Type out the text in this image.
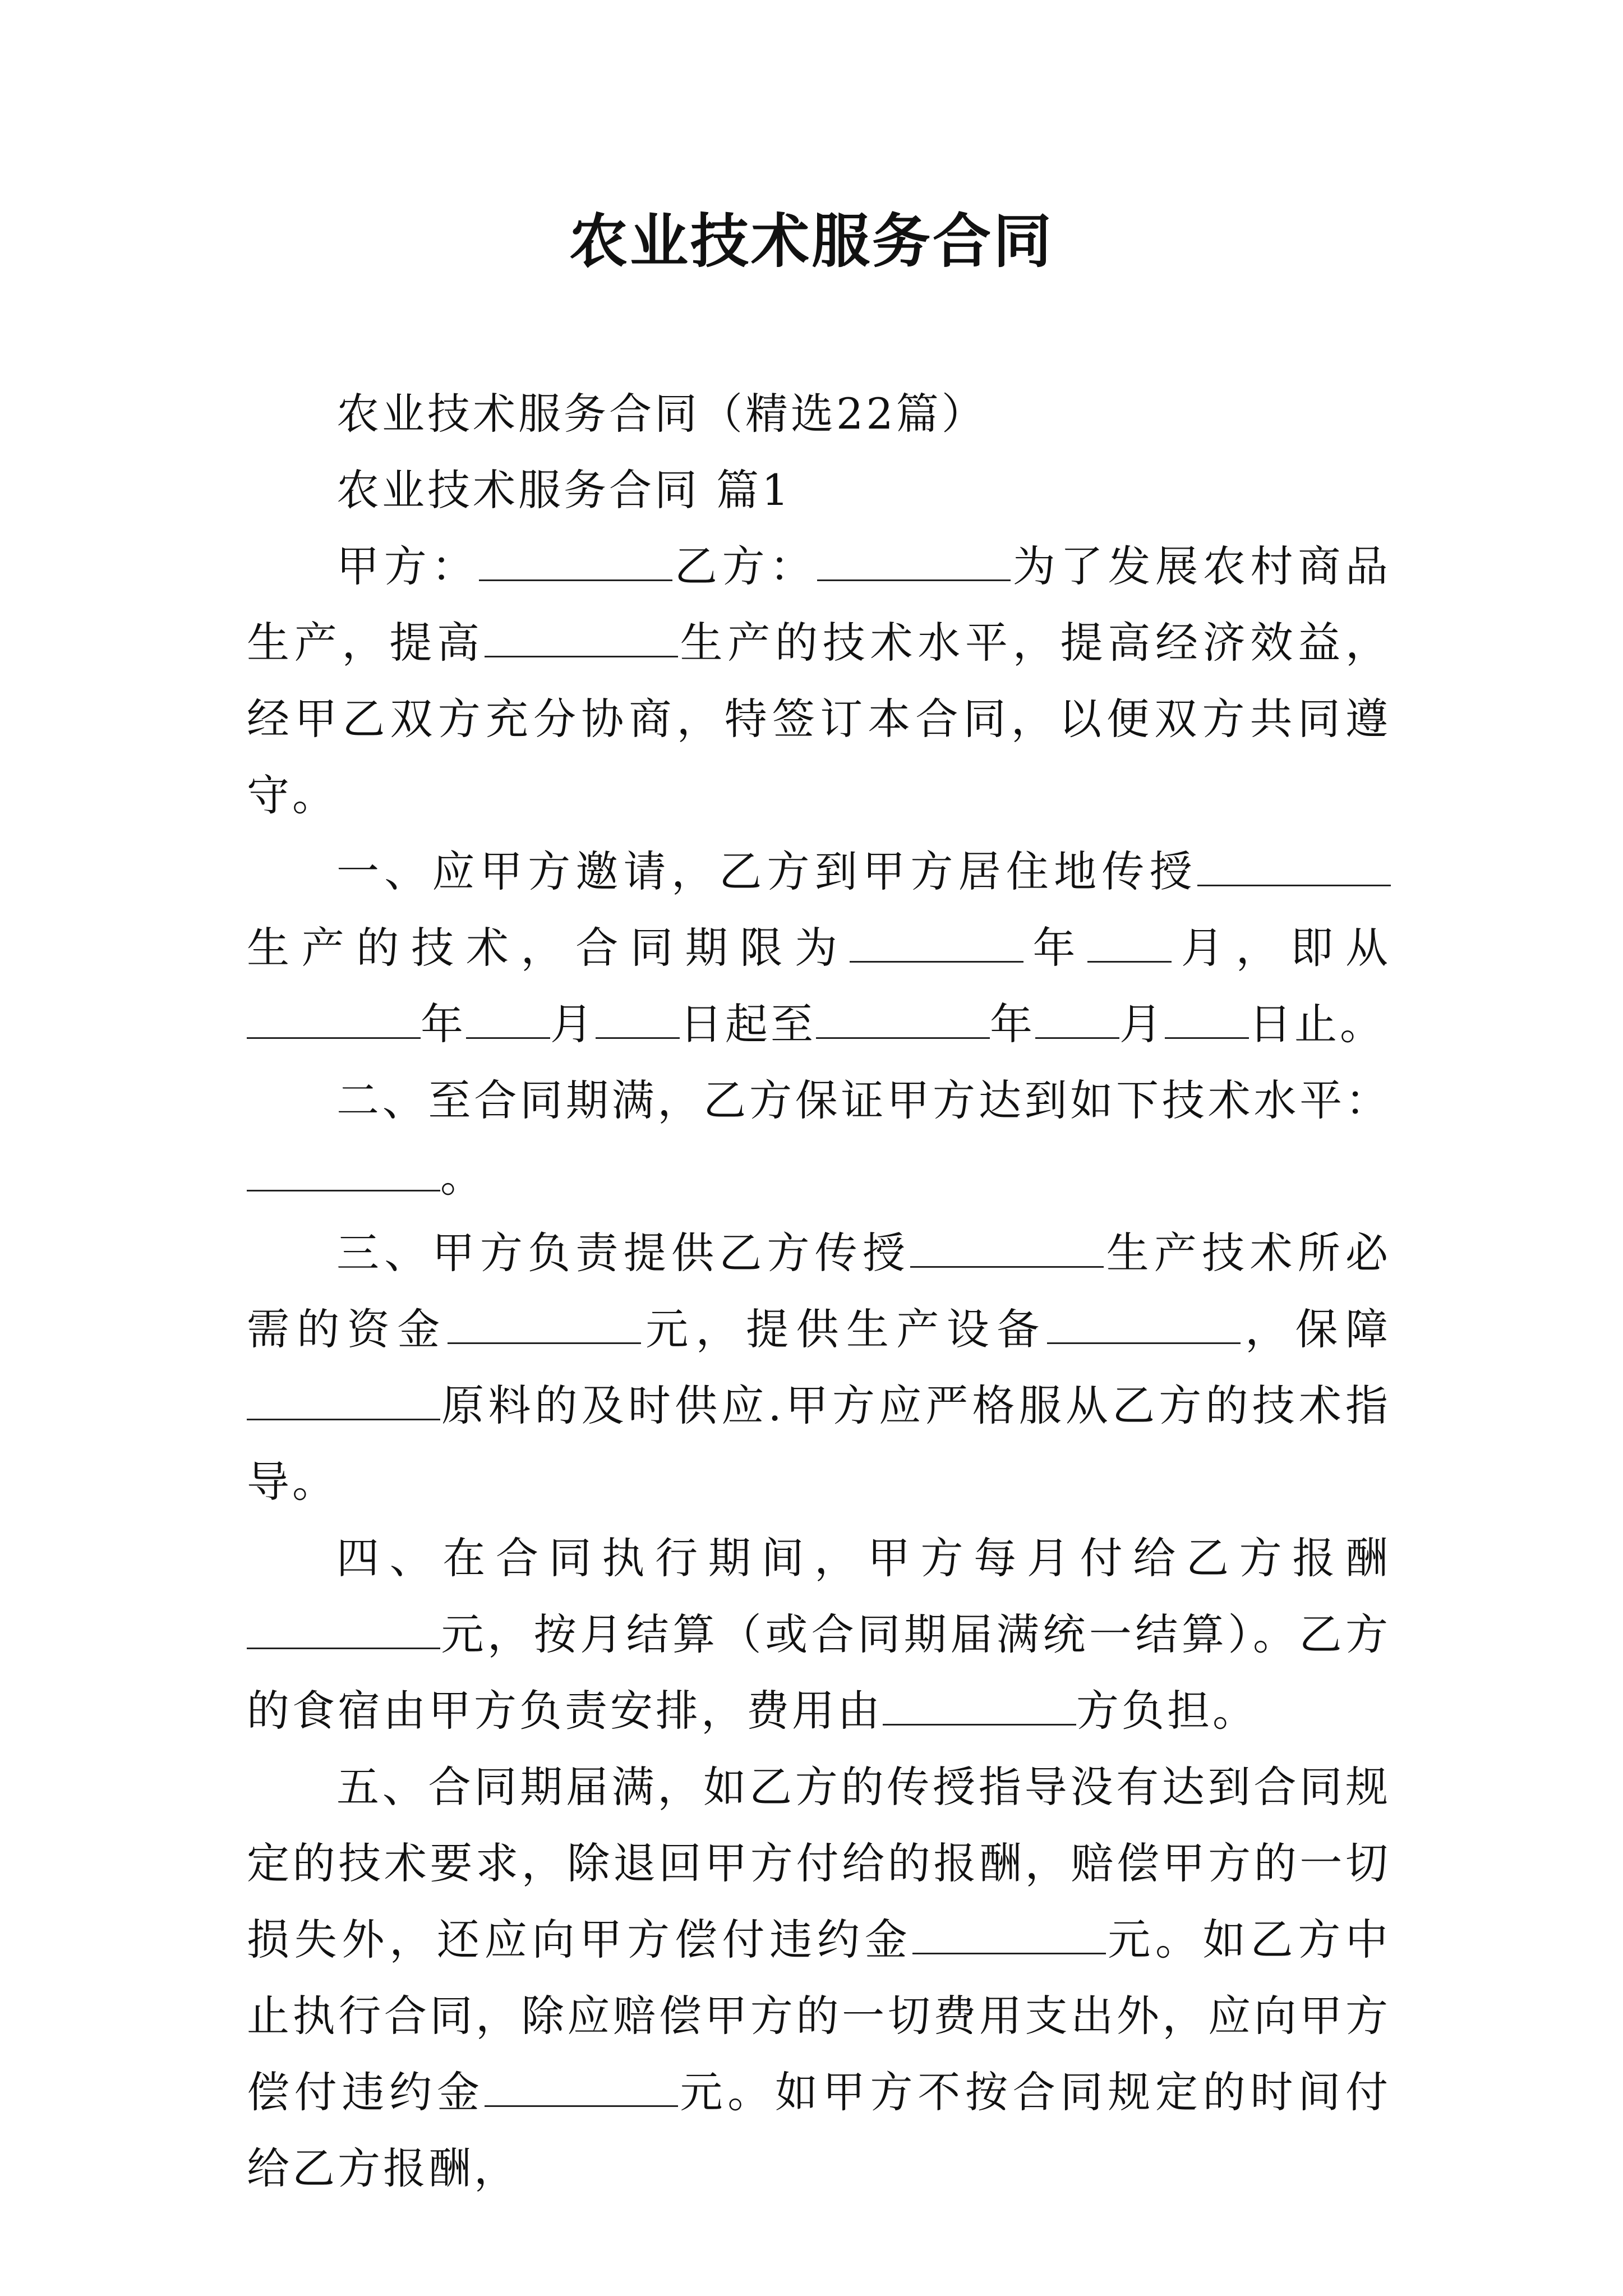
农业技术服务合同

农业技术服务合同（精选22篇）

农业技术服务合同 篇1

甲方：	乙方：	为了发展农村商品生产，提高	生产的技术水平，提高经济效益，经甲乙双方充分协商，特签订本合同，以便双方共同遵守。

一、应甲方邀请，乙方到甲方居住地传授生产的技术，合同期限为	年 月，即从年 月 日起至	年 月 日止。

二、至合同期满，乙方保证甲方达到如下技术水平：。

三、甲方负责提供乙方传授	生产技术所必需的资金	元，提供生产设备	，保障原料的及时供应.甲方应严格服从乙方的技术指导。

四、在合同执行期间，甲方每月付给乙方报酬元，按月结算（或合同期届满统一结算）。乙方的食宿由甲方负责安排，费用由	方负担。

五、合同期届满，如乙方的传授指导没有达到合同规定的技术要求，除退回甲方付给的报酬，赔偿甲方的一切损失外，还应向甲方偿付违约金	元。如乙方中止执行合同，除应赔偿甲方的一切费用支出外，应向甲方偿付违约金	元。如甲方不按合同规定的时间付给乙方报酬，
